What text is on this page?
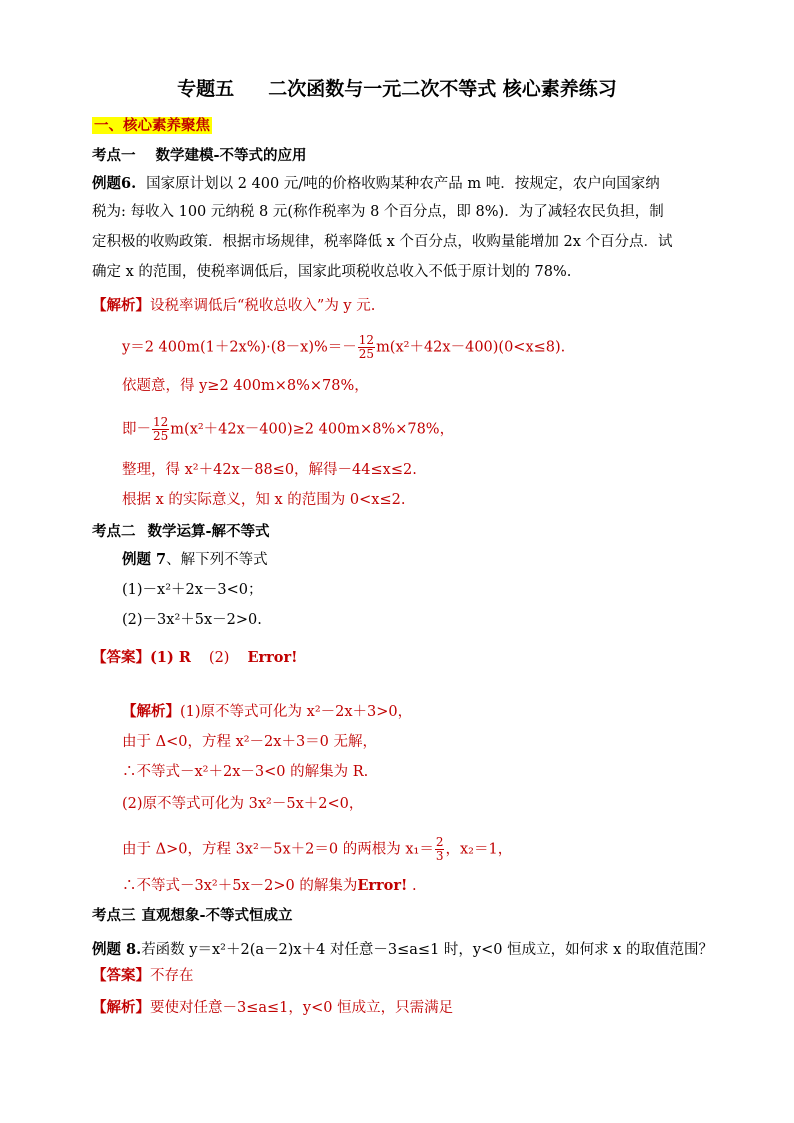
专题五 二次函数与一元二次不等式 核心素养练习
一、核心素养聚焦
考点一 数学建模-不等式的应用
例题6. 国家原计划以 2 400 元/吨的价格收购某种农产品 m 吨．按规定，农户向国家纳
税为: 每收入 100 元纳税 8 元(称作税率为 8 个百分点，即 8%)．为了减轻农民负担，制
定积极的收购政策．根据市场规律，税率降低 x 个百分点，收购量能增加 2x 个百分点．试
确定 x 的范围，使税率调低后，国家此项税收总收入不低于原计划的 78%.
【解析】设税率调低后“税收总收入”为 y 元.
y＝2 $400m(1+2x\%)\cdot(8-x)\%=- \frac{12}{25} m(x^2+42x-400)(0<x\le 8)$.
依题意，得 y≥2 400m×8%×78%，
即－ $\frac{12}{25} m(x^2+42x-400)\ge 2$ 400m×8%×78%，
整理，得 x²＋42x－88≤0，解得－44≤x≤2.
根据 x 的实际意义，知 x 的范围为 0<x≤2.
考点二 数学运算-解不等式
例题 7、解下列不等式
(1)－x²＋2x－3<0；
(2)－3x²＋5x－2>0.
【答案】(1) R (2) Error!
【解析】(1)原不等式可化为 x²－2x＋3>0，
由于 Δ<0，方程 x²－2x＋3＝0 无解，
∴不等式－x²＋2x－3<0 的解集为 R.
(2)原不等式可化为 3x²－5x＋2<0，
由于 Δ>0，方程 3x²－5x＋2＝0 的两根为 $x_1= \frac{2}{3}$ ，x₂＝1，
∴不等式－3x²＋5x－2>0 的解集为Error! .
考点三 直观想象-不等式恒成立
例题 8.若函数 y＝x²＋2(a－2)x＋4 对任意－3≤a≤1 时，y<0 恒成立，如何求 x 的取值范围？
【答案】不存在
【解析】要使对任意－3≤a≤1，y<0 恒成立，只需满足
